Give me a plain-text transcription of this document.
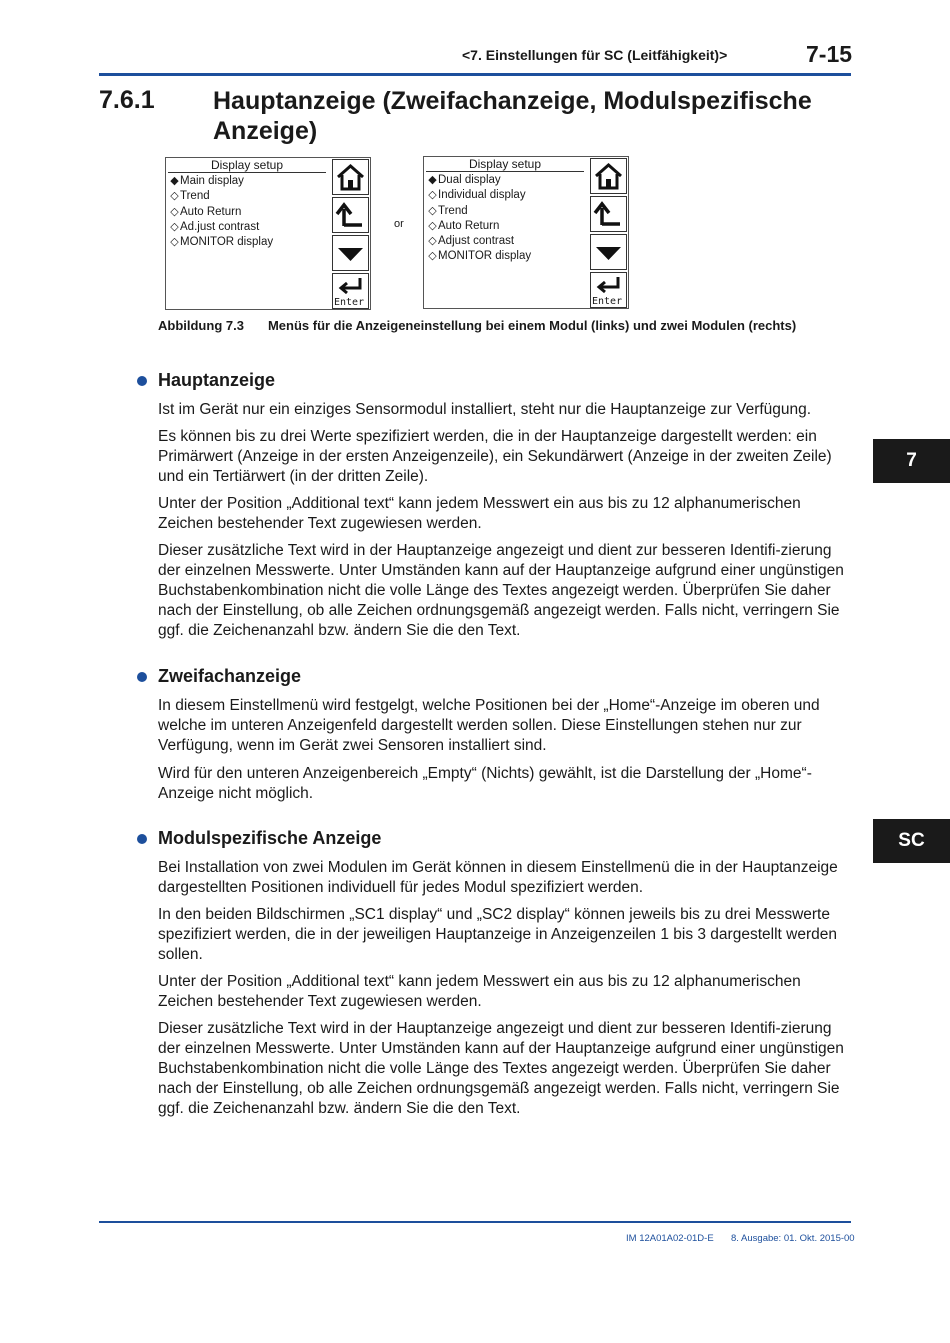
<7. Einstellungen für SC (Leitfähigkeit)>	7-15
7.6.1 Hauptanzeige (Zweifachanzeige, Modulspezifische Anzeige)
Display setup
◆Main display
◇Trend
◇Auto Return
◇Ad.just contrast
◇MONITOR display
Enter
or
Display setup
◆Dual display
◇Individual display
◇Trend
◇Auto Return
◇Adjust contrast
◇MONITOR display
Enter
Abbildung 7.3 Menüs für die Anzeigeneinstellung bei einem Modul (links) und zwei Modulen (rechts)
Hauptanzeige
Ist im Gerät nur ein einziges Sensormodul installiert, steht nur die Hauptanzeige zur Verfügung.
Es können bis zu drei Werte spezifiziert werden, die in der Hauptanzeige dargestellt werden: ein Primärwert (Anzeige in der ersten Anzeigenzeile), ein Sekundärwert (Anzeige in der zweiten Zeile) und ein Tertiärwert (in der dritten Zeile).
Unter der Position „Additional text“ kann jedem Messwert ein aus bis zu 12 alphanumerischen Zeichen bestehender Text zugewiesen werden.
Dieser zusätzliche Text wird in der Hauptanzeige angezeigt und dient zur besseren Identifi-zierung der einzelnen Messwerte. Unter Umständen kann auf der Hauptanzeige aufgrund einer ungünstigen Buchstabenkombination nicht die volle Länge des Textes angezeigt werden. Überprüfen Sie daher nach der Einstellung, ob alle Zeichen ordnungsgemäß angezeigt werden. Falls nicht, verringern Sie ggf. die Zeichenanzahl bzw. ändern Sie die den Text.
Zweifachanzeige
In diesem Einstellmenü wird festgelgt, welche Positionen bei der „Home“-Anzeige im oberen und welche im unteren Anzeigenfeld dargestellt werden sollen. Diese Einstellungen stehen nur zur Verfügung, wenn im Gerät zwei Sensoren installiert sind.
Wird für den unteren Anzeigenbereich „Empty“ (Nichts) gewählt, ist die Darstellung der „Home“-Anzeige nicht möglich.
Modulspezifische Anzeige
Bei Installation von zwei Modulen im Gerät können in diesem Einstellmenü die in der Hauptanzeige dargestellten Positionen individuell für jedes Modul spezifiziert werden.
In den beiden Bildschirmen „SC1 display“ und „SC2 display“ können jeweils bis zu drei Messwerte spezifiziert werden, die in der jeweiligen Hauptanzeige in Anzeigenzeilen 1 bis 3 dargestellt werden sollen.
Unter der Position „Additional text“ kann jedem Messwert ein aus bis zu 12 alphanumerischen Zeichen bestehender Text zugewiesen werden.
Dieser zusätzliche Text wird in der Hauptanzeige angezeigt und dient zur besseren Identifi-zierung der einzelnen Messwerte. Unter Umständen kann auf der Hauptanzeige aufgrund einer ungünstigen Buchstabenkombination nicht die volle Länge des Textes angezeigt werden. Überprüfen Sie daher nach der Einstellung, ob alle Zeichen ordnungsgemäß angezeigt werden. Falls nicht, verringern Sie ggf. die Zeichenanzahl bzw. ändern Sie die den Text.
7
SC
IM 12A01A02-01D-E 8. Ausgabe: 01. Okt. 2015-00
